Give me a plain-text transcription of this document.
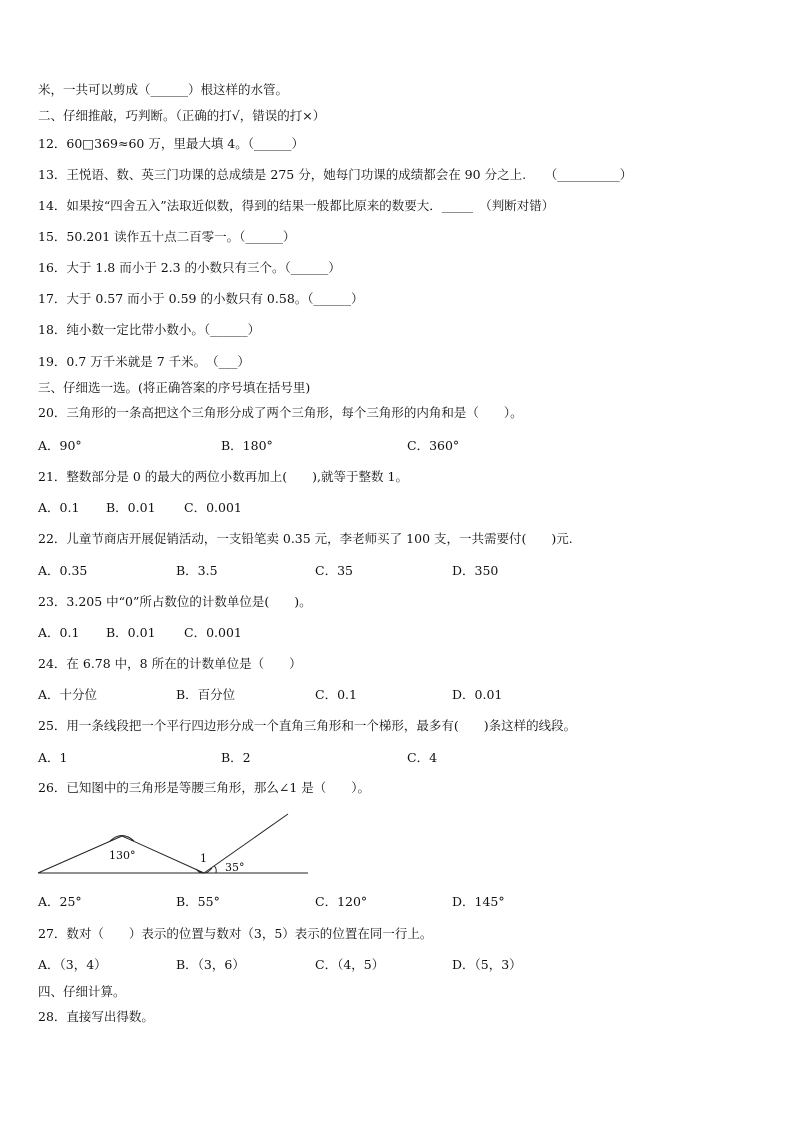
米，一共可以剪成（______）根这样的水管。
二、仔细推敲，巧判断。（正确的打√，错误的打×）
12．60□369≈60 万，里最大填 4。（______）
13．王悦语、数、英三门功课的总成绩是 275 分，她每门功课的成绩都会在 90 分之上.　　（__________）
14．如果按“四舍五入”法取近似数，得到的结果一般都比原来的数要大．_____　（判断对错）
15．50.201 读作五十点二百零一。（______）
16．大于 1.8 而小于 2.3 的小数只有三个。（______）
17．大于 0.57 而小于 0.59 的小数只有 0.58。（______）
18．纯小数一定比带小数小。（______）
19．0.7 万千米就是 7 千米。　（___）
三、仔细选一选。(将正确答案的序号填在括号里)
20．三角形的一条高把这个三角形分成了两个三角形，每个三角形的内角和是（　　）。
A．90°	B．180°	C．360°
21．整数部分是 0 的最大的两位小数再加上(　　),就等于整数 1。
A．0.1 B．0.01 C．0.001
22．儿童节商店开展促销活动，一支铅笔卖 0.35 元，李老师买了 100 支，一共需要付(　　)元.
A．0.35	B．3.5	C．35	D．350
23．3.205 中“0”所占数位的计数单位是(　　)。
A．0.1 B．0.01 C．0.001
24．在 6.78 中，8 所在的计数单位是（　　）
A．十分位	B．百分位	C．0.1	D．0.01
25．用一条线段把一个平行四边形分成一个直角三角形和一个梯形，最多有(　　)条这样的线段。
A．1	B．2	C．4
26．已知图中的三角形是等腰三角形，那么∠1 是（　　）。
130°	1
35°
A．25°	B．55°	C．120°	D．145°
27．数对（　　）表示的位置与数对（3，5）表示的位置在同一行上。
A．（3，4）	B．（3，6）	C．（4，5）	D．（5，3）
四、仔细计算。
28．直接写出得数。
